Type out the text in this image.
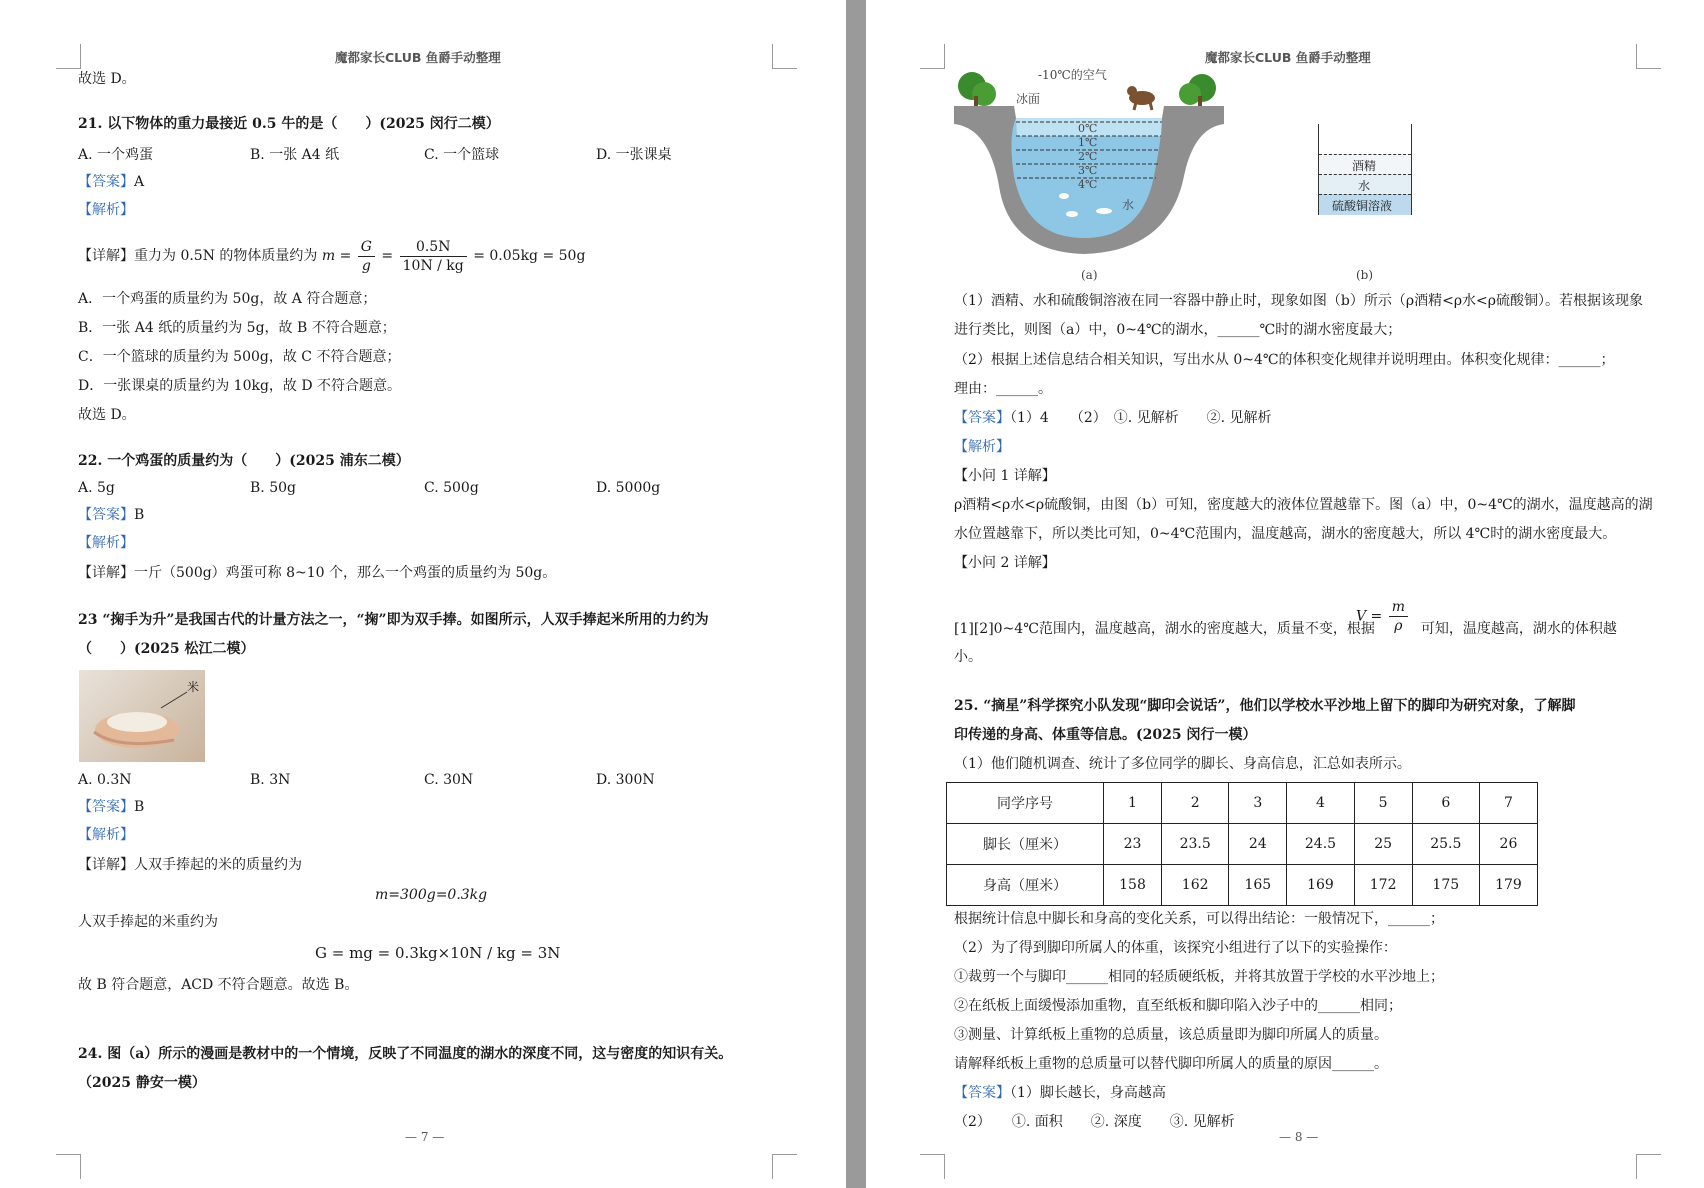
魔都家长CLUB 鱼爵手动整理
故选 D。
21. 以下物体的重力最接近 0.5 牛的是（　　）(2025 闵行二模）
A. 一个鸡蛋	B. 一张 A4 纸	C. 一个篮球	D. 一张课桌
【答案】A
【解析】
【详解】重力为 0.5N 的物体质量约为 $m = \frac{G}{g} = \frac{0.5N}{10N / kg} = 0.05kg = 50g$
A．一个鸡蛋的质量约为 50g，故 A 符合题意；
B．一张 A4 纸的质量约为 5g，故 B 不符合题意；
C．一个篮球的质量约为 500g，故 C 不符合题意；
D．一张课桌的质量约为 10kg，故 D 不符合题意。
故选 D。
22. 一个鸡蛋的质量约为（　　）(2025 浦东二模）
A. 5g	B. 50g	C. 500g	D. 5000g
【答案】B
【解析】
【详解】一斤（500g）鸡蛋可称 8~10 个，那么一个鸡蛋的质量约为 50g。
23 “掬手为升”是我国古代的计量方法之一，“掬”即为双手捧。如图所示，人双手捧起米所用的力约为
（　　）(2025 松江二模）
米
A. 0.3N	B. 3N	C. 30N	D. 300N
【答案】B
【解析】
【详解】人双手捧起的米的质量约为
m=300g=0.3kg
人双手捧起的米重约为
G = mg = 0.3kg×10N / kg = 3N
故 B 符合题意，ACD 不符合题意。故选 B。
24. 图（a）所示的漫画是教材中的一个情境，反映了不同温度的湖水的深度不同，这与密度的知识有关。
（2025 静安一模）
— 7 —
魔都家长CLUB 鱼爵手动整理
-10℃的空气
冰面
0℃
1℃
2℃
3℃
4℃
水
(a)
酒精
水
硫酸铜溶液
(b)
（1）酒精、水和硫酸铜溶液在同一容器中静止时，现象如图（b）所示（ρ酒精<ρ水<ρ硫酸铜）。若根据该现象
进行类比，则图（a）中，0~4℃的湖水，______℃时的湖水密度最大；
（2）根据上述信息结合相关知识，写出水从 0~4℃的体积变化规律并说明理由。体积变化规律：______；
理由：______。
【答案】（1）4　　（2）　①. 见解析　　②. 见解析
【解析】
【小问 1 详解】
ρ酒精<ρ水<ρ硫酸铜，由图（b）可知，密度越大的液体位置越靠下。图（a）中，0~4℃的湖水，温度越高的湖
水位置越靠下，所以类比可知，0~4℃范围内，温度越高，湖水的密度越大，所以 4℃时的湖水密度最大。
【小问 2 详解】
$V = \frac{m}{\rho}$
[1][2]0~4℃范围内，温度越高，湖水的密度越大，质量不变，根据	可知，温度越高，湖水的体积越
小。
25. “摘星”科学探究小队发现“脚印会说话”，他们以学校水平沙地上留下的脚印为研究对象，了解脚
印传递的身高、体重等信息。(2025 闵行一模）
（1）他们随机调查、统计了多位同学的脚长、身高信息，汇总如表所示。
同学序号	1	2	3	4	5	6	7
脚长（厘米）	23	23.5	24	24.5	25	25.5	26
身高（厘米）	158	162	165	169	172	175	179
根据统计信息中脚长和身高的变化关系，可以得出结论：一般情况下，______；
（2）为了得到脚印所属人的体重，该探究小组进行了以下的实验操作：
①裁剪一个与脚印______相同的轻质硬纸板，并将其放置于学校的水平沙地上；
②在纸板上面缓慢添加重物，直至纸板和脚印陷入沙子中的______相同；
③测量、计算纸板上重物的总质量，该总质量即为脚印所属人的质量。
请解释纸板上重物的总质量可以替代脚印所属人的质量的原因______。
【答案】（1）脚长越长，身高越高
（2）　　①. 面积　　②. 深度　　③. 见解析
— 8 —
